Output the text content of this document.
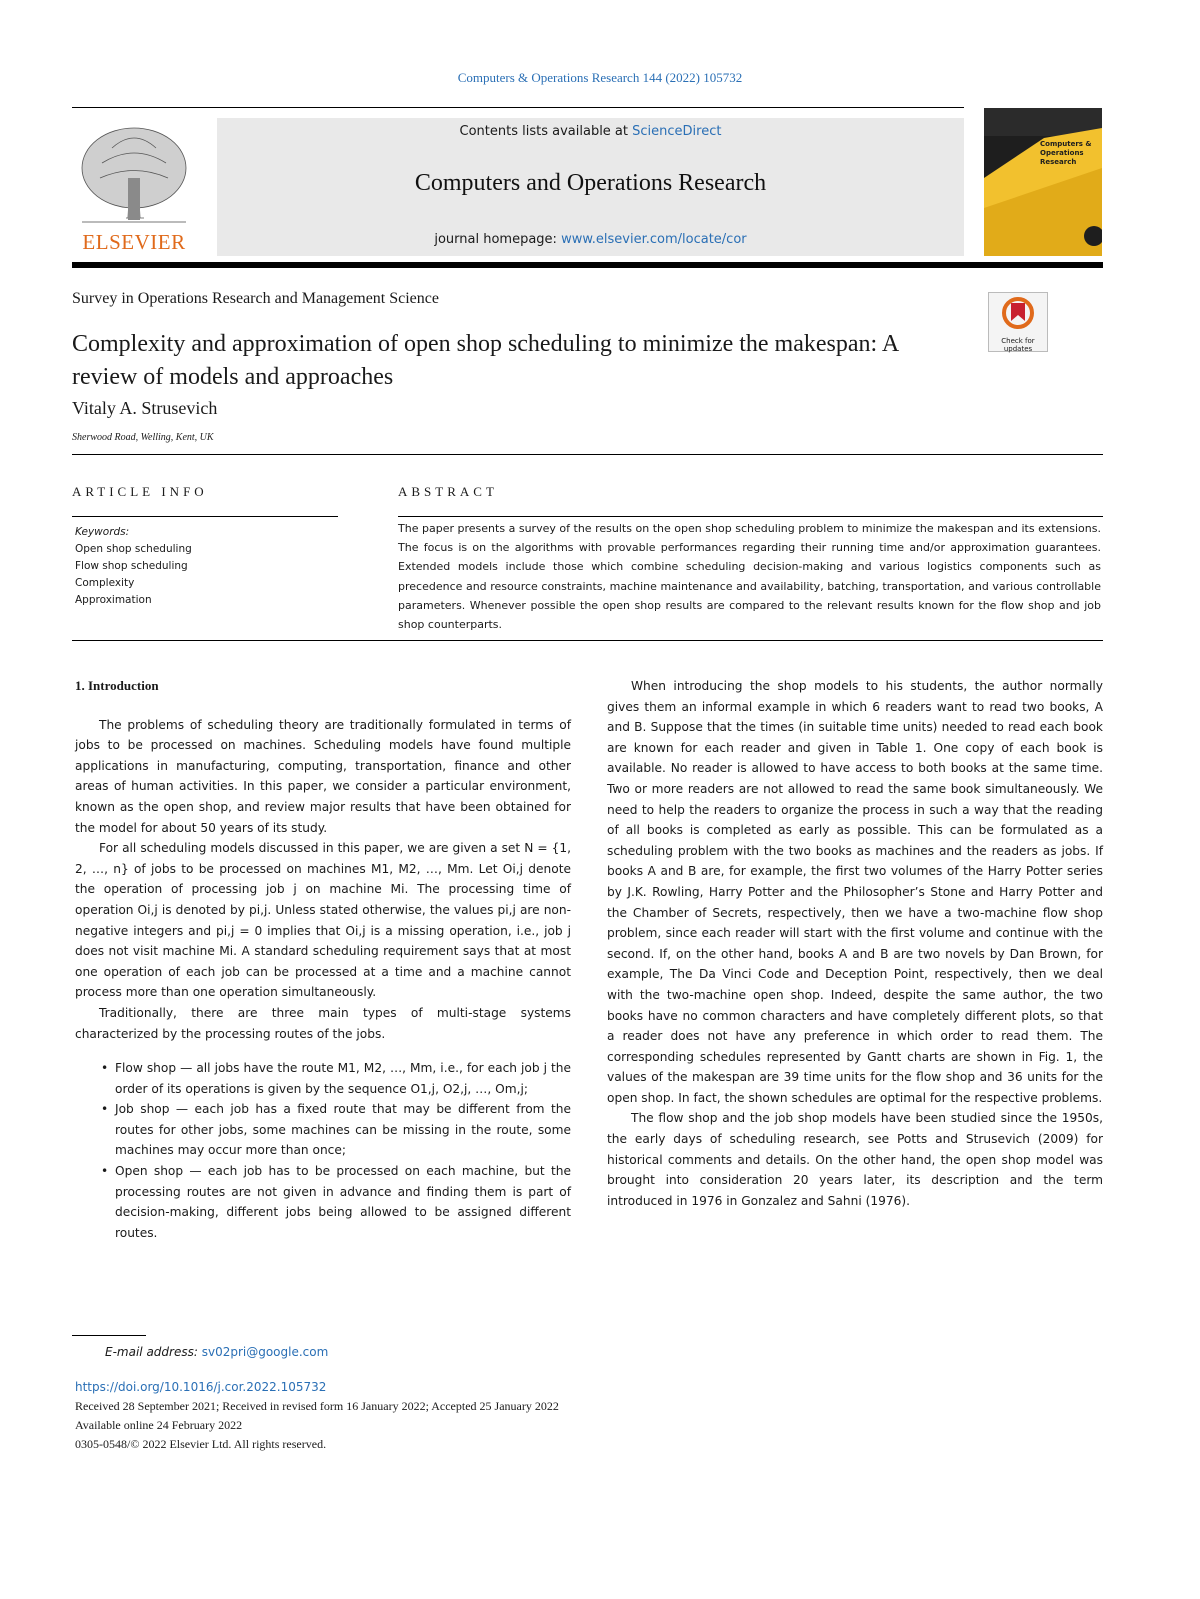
Computers & Operations Research 144 (2022) 105732
ELSEVIER
Contents lists available at ScienceDirect
Computers and Operations Research
journal homepage: www.elsevier.com/locate/cor
Computers & Operations Research
Survey in Operations Research and Management Science
Complexity and approximation of open shop scheduling to minimize the makespan: A review of models and approaches
Check for updates
Vitaly A. Strusevich
Sherwood Road, Welling, Kent, UK
ARTICLE INFO	ABSTRACT
Keywords:
Open shop scheduling
Flow shop scheduling
Complexity
Approximation
The paper presents a survey of the results on the open shop scheduling problem to minimize the makespan and its extensions. The focus is on the algorithms with provable performances regarding their running time and/or approximation guarantees. Extended models include those which combine scheduling decision-making and various logistics components such as precedence and resource constraints, machine maintenance and availability, batching, transportation, and various controllable parameters. Whenever possible the open shop results are compared to the relevant results known for the flow shop and job shop counterparts.
1. Introduction

The problems of scheduling theory are traditionally formulated in terms of jobs to be processed on machines. Scheduling models have found multiple applications in manufacturing, computing, transportation, finance and other areas of human activities. In this paper, we consider a particular environment, known as the open shop, and review major results that have been obtained for the model for about 50 years of its study.

For all scheduling models discussed in this paper, we are given a set N = {1, 2, …, n} of jobs to be processed on machines M1, M2, …, Mm. Let Oi,j denote the operation of processing job j on machine Mi. The processing time of operation Oi,j is denoted by pi,j. Unless stated otherwise, the values pi,j are non-negative integers and pi,j = 0 implies that Oi,j is a missing operation, i.e., job j does not visit machine Mi. A standard scheduling requirement says that at most one operation of each job can be processed at a time and a machine cannot process more than one operation simultaneously.

Traditionally, there are three main types of multi-stage systems characterized by the processing routes of the jobs.

• Flow shop — all jobs have the route M1, M2, …, Mm, i.e., for each job j the order of its operations is given by the sequence O1,j, O2,j, …, Om,j;
• Job shop — each job has a fixed route that may be different from the routes for other jobs, some machines can be missing in the route, some machines may occur more than once;
• Open shop — each job has to be processed on each machine, but the processing routes are not given in advance and finding them is part of decision-making, different jobs being allowed to be assigned different routes.

When introducing the shop models to his students, the author normally gives them an informal example in which 6 readers want to read two books, A and B. Suppose that the times (in suitable time units) needed to read each book are known for each reader and given in Table 1. One copy of each book is available. No reader is allowed to have access to both books at the same time. Two or more readers are not allowed to read the same book simultaneously. We need to help the readers to organize the process in such a way that the reading of all books is completed as early as possible. This can be formulated as a scheduling problem with the two books as machines and the readers as jobs. If books A and B are, for example, the first two volumes of the Harry Potter series by J.K. Rowling, Harry Potter and the Philosopher’s Stone and Harry Potter and the Chamber of Secrets, respectively, then we have a two-machine flow shop problem, since each reader will start with the first volume and continue with the second. If, on the other hand, books A and B are two novels by Dan Brown, for example, The Da Vinci Code and Deception Point, respectively, then we deal with the two-machine open shop. Indeed, despite the same author, the two books have no common characters and have completely different plots, so that a reader does not have any preference in which order to read them. The corresponding schedules represented by Gantt charts are shown in Fig. 1, the values of the makespan are 39 time units for the flow shop and 36 units for the open shop. In fact, the shown schedules are optimal for the respective problems.

The flow shop and the job shop models have been studied since the 1950s, the early days of scheduling research, see Potts and Strusevich (2009) for historical comments and details. On the other hand, the open shop model was brought into consideration 20 years later, its description and the term introduced in 1976 in Gonzalez and Sahni (1976).

E-mail address: sv02pri@google.com
https://doi.org/10.1016/j.cor.2022.105732
Received 28 September 2021; Received in revised form 16 January 2022; Accepted 25 January 2022
Available online 24 February 2022
0305-0548/© 2022 Elsevier Ltd. All rights reserved.
